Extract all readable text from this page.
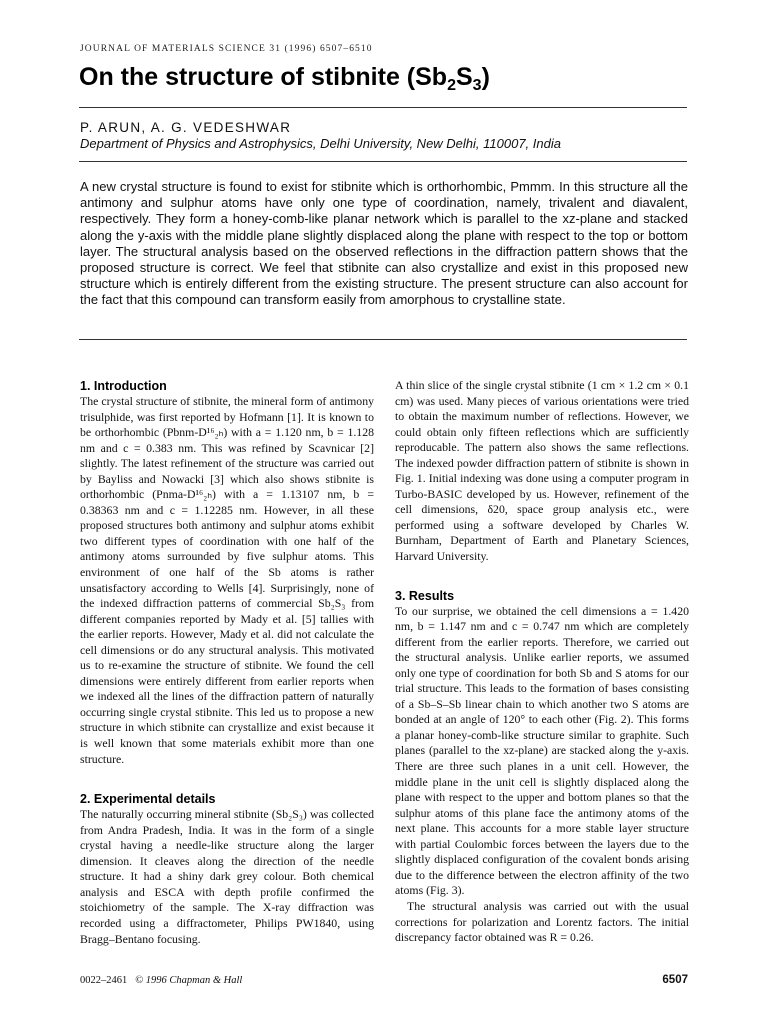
JOURNAL OF MATERIALS SCIENCE 31 (1996) 6507–6510
On the structure of stibnite $(Sb_2S_3)$
P. ARUN, A. G. VEDESHWAR
Department of Physics and Astrophysics, Delhi University, New Delhi, 110007, India
A new crystal structure is found to exist for stibnite which is orthorhombic, Pmmm. In this structure all the antimony and sulphur atoms have only one type of coordination, namely, trivalent and diavalent, respectively. They form a honey-comb-like planar network which is parallel to the xz-plane and stacked along the y-axis with the middle plane slightly displaced along the plane with respect to the top or bottom layer. The structural analysis based on the observed reflections in the diffraction pattern shows that the proposed structure is correct. We feel that stibnite can also crystallize and exist in this proposed new structure which is entirely different from the existing structure. The present structure can also account for the fact that this compound can transform easily from amorphous to crystalline state.
1. Introduction

The crystal structure of stibnite, the mineral form of antimony trisulphide, was first reported by Hofmann [1]. It is known to be orthorhombic (Pbnm-D¹⁶₂ₕ) with a = 1.120 nm, b = 1.128 nm and c = 0.383 nm. This was refined by Scavnicar [2] slightly. The latest refinement of the structure was carried out by Bayliss and Nowacki [3] which also shows stibnite is orthorhombic (Pnma-D¹⁶₂ₕ) with a = 1.13107 nm, b = 0.38363 nm and c = 1.12285 nm. However, in all these proposed structures both antimony and sulphur atoms exhibit two different types of coordination with one half of the antimony atoms surrounded by five sulphur atoms. This environment of one half of the Sb atoms is rather unsatisfactory according to Wells [4]. Surprisingly, none of the indexed diffraction patterns of commercial Sb₂S₃ from different companies reported by Mady et al. [5] tallies with the earlier reports. However, Mady et al. did not calculate the cell dimensions or do any structural analysis. This motivated us to re-examine the structure of stibnite. We found the cell dimensions were entirely different from earlier reports when we indexed all the lines of the diffraction pattern of naturally occurring single crystal stibnite. This led us to propose a new structure in which stibnite can crystallize and exist because it is well known that some materials exhibit more than one structure.

2. Experimental details

The naturally occurring mineral stibnite (Sb₂S₃) was collected from Andra Pradesh, India. It was in the form of a single crystal having a needle-like structure along the larger dimension. It cleaves along the direction of the needle structure. It had a shiny dark grey colour. Both chemical analysis and ESCA with depth profile confirmed the stoichiometry of the sample. The X-ray diffraction was recorded using a diffractometer, Philips PW1840, using Bragg–Bentano focusing.

A thin slice of the single crystal stibnite (1 cm × 1.2 cm × 0.1 cm) was used. Many pieces of various orientations were tried to obtain the maximum number of reflections. However, we could obtain only fifteen reflections which are sufficiently reproducable. The pattern also shows the same reflections. The indexed powder diffraction pattern of stibnite is shown in Fig. 1. Initial indexing was done using a computer program in Turbo-BASIC developed by us. However, refinement of the cell dimensions, δ20, space group analysis etc., were performed using a software developed by Charles W. Burnham, Department of Earth and Planetary Sciences, Harvard University.

3. Results

To our surprise, we obtained the cell dimensions a = 1.420 nm, b = 1.147 nm and c = 0.747 nm which are completely different from the earlier reports. Therefore, we carried out the structural analysis. Unlike earlier reports, we assumed only one type of coordination for both Sb and S atoms for our trial structure. This leads to the formation of bases consisting of a Sb–S–Sb linear chain to which another two S atoms are bonded at an angle of 120° to each other (Fig. 2). This forms a planar honey-comb-like structure similar to graphite. Such planes (parallel to the xz-plane) are stacked along the y-axis. There are three such planes in a unit cell. However, the middle plane in the unit cell is slightly displaced along the plane with respect to the upper and bottom planes so that the sulphur atoms of this plane face the antimony atoms of the next plane. This accounts for a more stable layer structure with partial Coulombic forces between the layers due to the slightly displaced configuration of the covalent bonds arising due to the difference between the electron affinity of the two atoms (Fig. 3).

The structural analysis was carried out with the usual corrections for polarization and Lorentz factors. The initial discrepancy factor obtained was R = 0.26.

0022–2461 © 1996 Chapman & Hall	6507
